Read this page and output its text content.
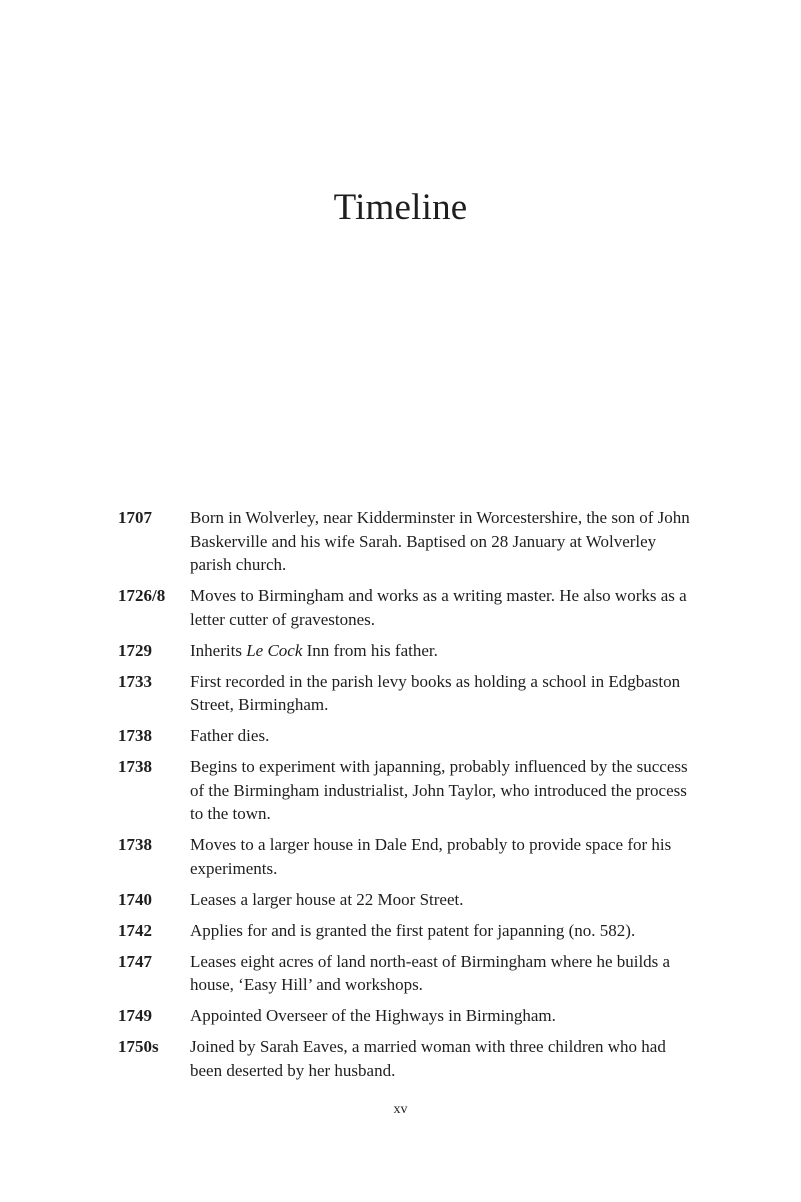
Timeline
1707	Born in Wolverley, near Kidderminster in Worcestershire, the son of John Baskerville and his wife Sarah. Baptised on 28 January at Wolverley parish church.
1726/8	Moves to Birmingham and works as a writing master. He also works as a letter cutter of gravestones.
1729	Inherits Le Cock Inn from his father.
1733	First recorded in the parish levy books as holding a school in Edgbaston Street, Birmingham.
1738	Father dies.
1738	Begins to experiment with japanning, probably influenced by the success of the Birmingham industrialist, John Taylor, who introduced the process to the town.
1738	Moves to a larger house in Dale End, probably to provide space for his experiments.
1740	Leases a larger house at 22 Moor Street.
1742	Applies for and is granted the first patent for japanning (no. 582).
1747	Leases eight acres of land north-east of Birmingham where he builds a house, ‘Easy Hill’ and workshops.
1749	Appointed Overseer of the Highways in Birmingham.
1750s	Joined by Sarah Eaves, a married woman with three children who had been deserted by her husband.
xv
